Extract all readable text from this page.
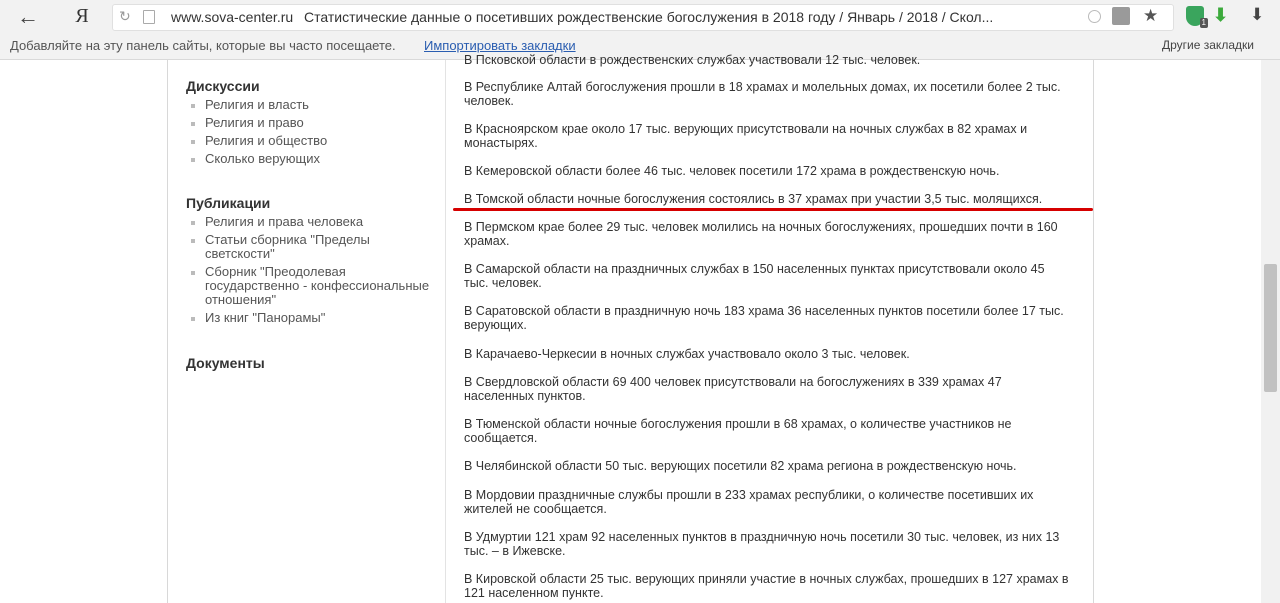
←	Я	↻	www.sova-center.ru Статистические данные о посетивших рождественские богослужения в 2018 году / Январь / 2018 / Скол...	★	1 ⬇ ⬇
Добавляйте на эту панель сайты, которые вы часто посещаете. Импортировать закладки	Другие закладки
Дискуссии
Религия и власть
Религия и право
Религия и общество
Сколько верующих
Публикации
Религия и права человека
Статьи сборника "Пределы светскости"
Сборник "Преодолевая государственно - конфессиональные отношения"
Из книг "Панорамы"
Документы

В Псковской области в рождественских службах участвовали 12 тыс. человек.

В Республике Алтай богослужения прошли в 18 храмах и молельных домах, их посетили более 2 тыс. человек.

В Красноярском крае около 17 тыс. верующих присутствовали на ночных службах в 82 храмах и монастырях.

В Кемеровской области более 46 тыс. человек посетили 172 храма в рождественскую ночь.

В Томской области ночные богослужения состоялись в 37 храмах при участии 3,5 тыс. молящихся.

В Пермском крае более 29 тыс. человек молились на ночных богослужениях, прошедших почти в 160 храмах.

В Самарской области на праздничных службах в 150 населенных пунктах присутствовали около 45 тыс. человек.

В Саратовской области в праздничную ночь 183 храма 36 населенных пунктов посетили более 17 тыс. верующих.

В Карачаево-Черкесии в ночных службах участвовало около 3 тыс. человек.

В Свердловской области 69 400 человек присутствовали на богослужениях в 339 храмах 47 населенных пунктов.

В Тюменской области ночные богослужения прошли в 68 храмах, о количестве участников не сообщается.

В Челябинской области 50 тыс. верующих посетили 82 храма региона в рождественскую ночь.

В Мордовии праздничные службы прошли в 233 храмах республики, о количестве посетивших их жителей не сообщается.

В Удмуртии 121 храм 92 населенных пунктов в праздничную ночь посетили 30 тыс. человек, из них 13 тыс. – в Ижевске.

В Кировской области 25 тыс. верующих приняли участие в ночных службах, прошедших в 127 храмах в 121 населенном пункте.
